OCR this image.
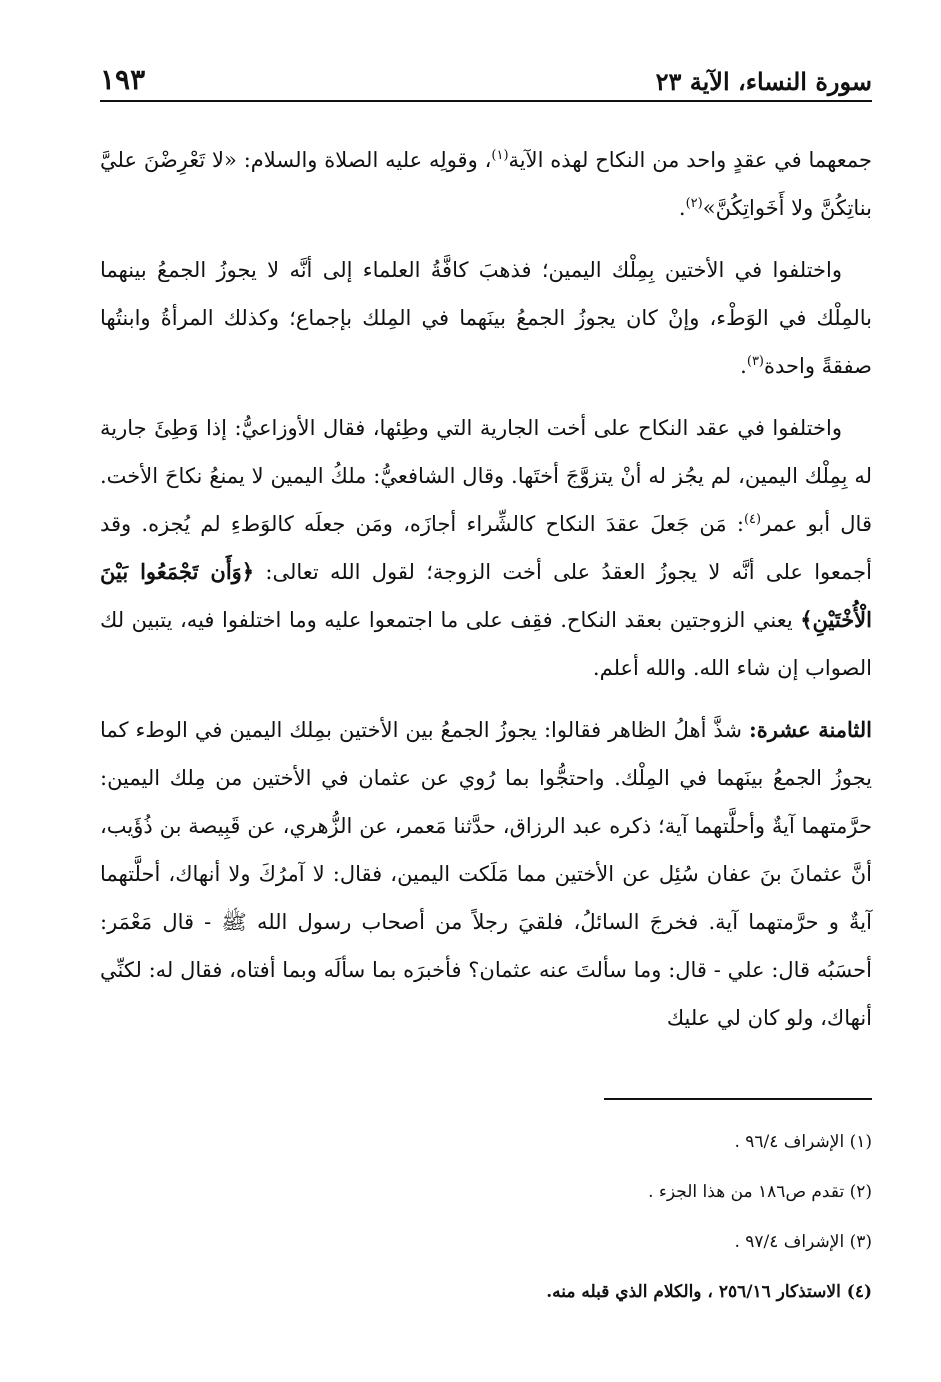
١٩٣	سورة النساء، الآية ٢٣

جمعهما في عقدٍ واحد من النكاح لهذه الآية$^{(١)}$، وقولِه عليه الصلاة والسلام: «لا تَعْرِضْنَ عليَّ بناتِكُنَّ ولا أَخَواتِكُنَّ»$^{(٢)}$.

واختلفوا في الأختين بِمِلْك اليمين؛ فذهبَ كافَّةُ العلماء إلى أنَّه لا يجوزُ الجمعُ بينهما بالمِلْك في الوَطْء، وإنْ كان يجوزُ الجمعُ بينَهما في المِلك بإجماع؛ وكذلك المرأةُ وابنتُها صفقةً واحدة$^{(٣)}$.

واختلفوا في عقد النكاح على أخت الجارية التي وطِئها، فقال الأوزاعيُّ: إذا وَطِئَ جارية له بِمِلْك اليمين، لم يجُز له أنْ يتزوَّجَ أختَها. وقال الشافعيُّ: ملكُ اليمين لا يمنعُ نكاحَ الأخت. قال أبو عمر$^{(٤)}$: مَن جَعلَ عقدَ النكاح كالشِّراء أجازَه، ومَن جعلَه كالوَطءِ لم يُجزه. وقد أجمعوا على أنَّه لا يجوزُ العقدُ على أخت الزوجة؛ لقول الله تعالى: ﴿وَأَن تَجْمَعُوا بَيْنَ الْأُخْتَيْنِ﴾ يعني الزوجتين بعقد النكاح. فقِف على ما اجتمعوا عليه وما اختلفوا فيه، يتبين لك الصواب إن شاء الله. والله أعلم.

الثامنة عشرة: شذَّ أهلُ الظاهر فقالوا: يجوزُ الجمعُ بين الأختين بمِلك اليمين في الوطء كما يجوزُ الجمعُ بينَهما في المِلْك. واحتجُّوا بما رُوي عن عثمان في الأختين من مِلك اليمين: حرَّمتهما آيةٌ وأحلَّتهما آية؛ ذكره عبد الرزاق، حدَّثنا مَعمر، عن الزُّهري، عن قَبِيصة بن ذُؤَيب، أنَّ عثمانَ بنَ عفان سُئِل عن الأختين مما مَلَكت اليمين، فقال: لا آمرُكَ ولا أنهاك، أحلَّتهما آيةٌ و حرَّمتهما آية. فخرجَ السائلُ، فلقيَ رجلاً من أصحاب رسول الله ﷺ - قال مَعْمَر: أحسَبُه قال: علي - قال: وما سألتَ عنه عثمان؟ فأخبرَه بما سألَه وبما أفتاه، فقال له: لكنِّي أنهاك، ولو كان لي عليك

(١) الإشراف ٩٦/٤ .
(٢) تقدم ص١٨٦ من هذا الجزء .
(٣) الإشراف ٩٧/٤ .
(٤) الاستذكار ٢٥٦/١٦ ، والكلام الذي قبله منه.
